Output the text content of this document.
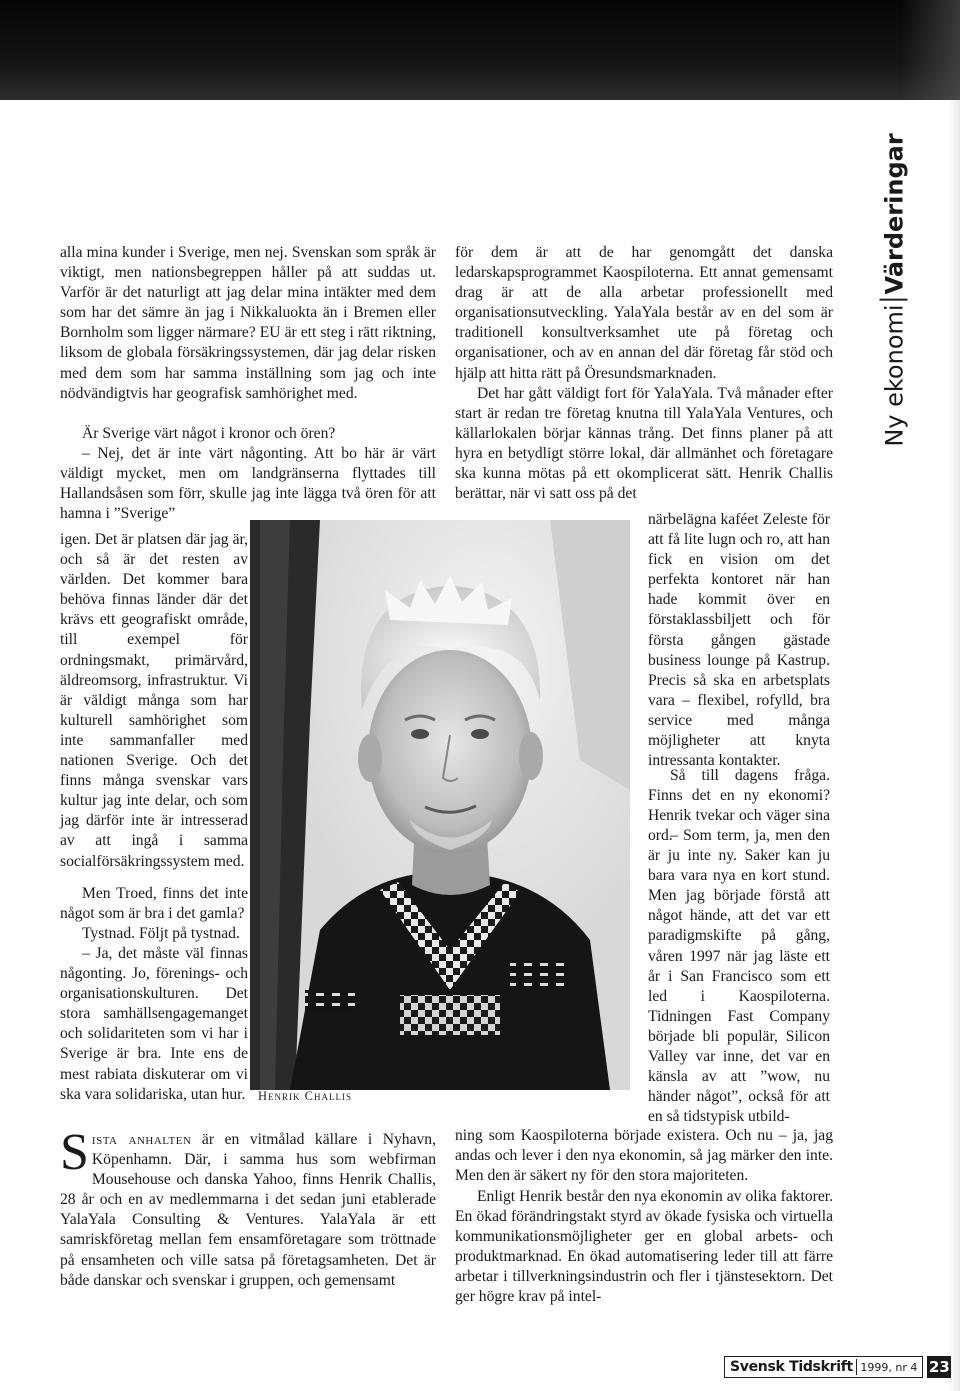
Ny ekonomiVärderingar

alla mina kunder i Sverige, men nej. Svenskan som språk är viktigt, men nationsbegreppen håller på att suddas ut. Varför är det naturligt att jag delar mina intäkter med dem som har det sämre än jag i Nikkaluokta än i Bremen eller Bornholm som ligger närmare? EU är ett steg i rätt riktning, liksom de globala försäkringssystemen, där jag delar risken med dem som har samma inställning som jag och inte nödvändigtvis har geografisk samhörighet med.

Är Sverige värt något i kronor och ören?

– Nej, det är inte värt någonting. Att bo här är värt väldigt mycket, men om landgränserna flyttades till Hallandsåsen som förr, skulle jag inte lägga två ören för att hamna i ”Sverige”

igen. Det är platsen där jag är, och så är det resten av världen. Det kommer bara behöva finnas länder där det krävs ett geografiskt område, till exempel för ordningsmakt, primärvård, äldreomsorg, infrastruktur. Vi är väldigt många som har kulturell samhörighet som inte sammanfaller med nationen Sverige. Och det finns många svenskar vars kultur jag inte delar, och som jag därför inte är intresserad av att ingå i samma socialförsäkringssystem med.

Men Troed, finns det inte något som är bra i det gamla?

Tystnad. Följt på tystnad.

– Ja, det måste väl finnas någonting. Jo, förenings- och organisationskulturen. Det stora samhällsengagemanget och solidariteten som vi har i Sverige är bra. Inte ens de mest rabiata diskuterar om vi ska vara solidariska, utan hur. Henrik Challis

Sista anhalten är en vitmålad källare i Nyhavn, Köpenhamn. Där, i samma hus som webfirman Mousehouse och danska Yahoo, finns Henrik Challis, 28 år och en av medlemmarna i det sedan juni etablerade YalaYala Consulting & Ventures. YalaYala är ett samriskföretag mellan fem ensamföretagare som tröttnade på ensamheten och ville satsa på företagsamheten. Det är både danskar och svenskar i gruppen, och gemensamt

för dem är att de har genomgått det danska ledarskapsprogrammet Kaospiloterna. Ett annat gemensamt drag är att de alla arbetar professionellt med organisationsutveckling. YalaYala består av en del som är traditionell konsultverksamhet ute på företag och organisationer, och av en annan del där företag får stöd och hjälp att hitta rätt på Öresundsmarknaden.

Det har gått väldigt fort för YalaYala. Två månader efter start är redan tre företag knutna till YalaYala Ventures, och källarlokalen börjar kännas trång. Det finns planer på att hyra en betydligt större lokal, där allmänhet och företagare ska kunna mötas på ett okomplicerat sätt. Henrik Challis berättar, när vi satt oss på det

närbelägna kaféet Zeleste för att få lite lugn och ro, att han fick en vision om det perfekta kontoret när han hade kommit över en förstaklassbiljett och för första gången gästade business lounge på Kastrup. Precis så ska en arbetsplats vara – flexibel, rofylld, bra service med många möjligheter att knyta intressanta kontakter.

Så till dagens fråga. Finns det en ny ekonomi? Henrik tvekar och väger sina ord.

– Som term, ja, men den är ju inte ny. Saker kan ju bara vara nya en kort stund. Men jag började förstå att något hände, att det var ett paradigmskifte på gång, våren 1997 när jag läste ett år i San Francisco som ett led i Kaospiloterna. Tidningen Fast Company började bli populär, Silicon Valley var inne, det var en känsla av att ”wow, nu händer något”, också för att en så tidstypisk utbild-

ning som Kaospiloterna började existera. Och nu – ja, jag andas och lever i den nya ekonomin, så jag märker den inte. Men den är säkert ny för den stora majoriteten.

Enligt Henrik består den nya ekonomin av olika faktorer. En ökad förändringstakt styrd av ökade fysiska och virtuella kommunikationsmöjligheter ger en global arbets- och produktmarknad. En ökad automatisering leder till att färre arbetar i tillverkningsindustrin och fler i tjänstesektorn. Det ger högre krav på intel-

Svensk Tidskrift 1999, nr 4 23
